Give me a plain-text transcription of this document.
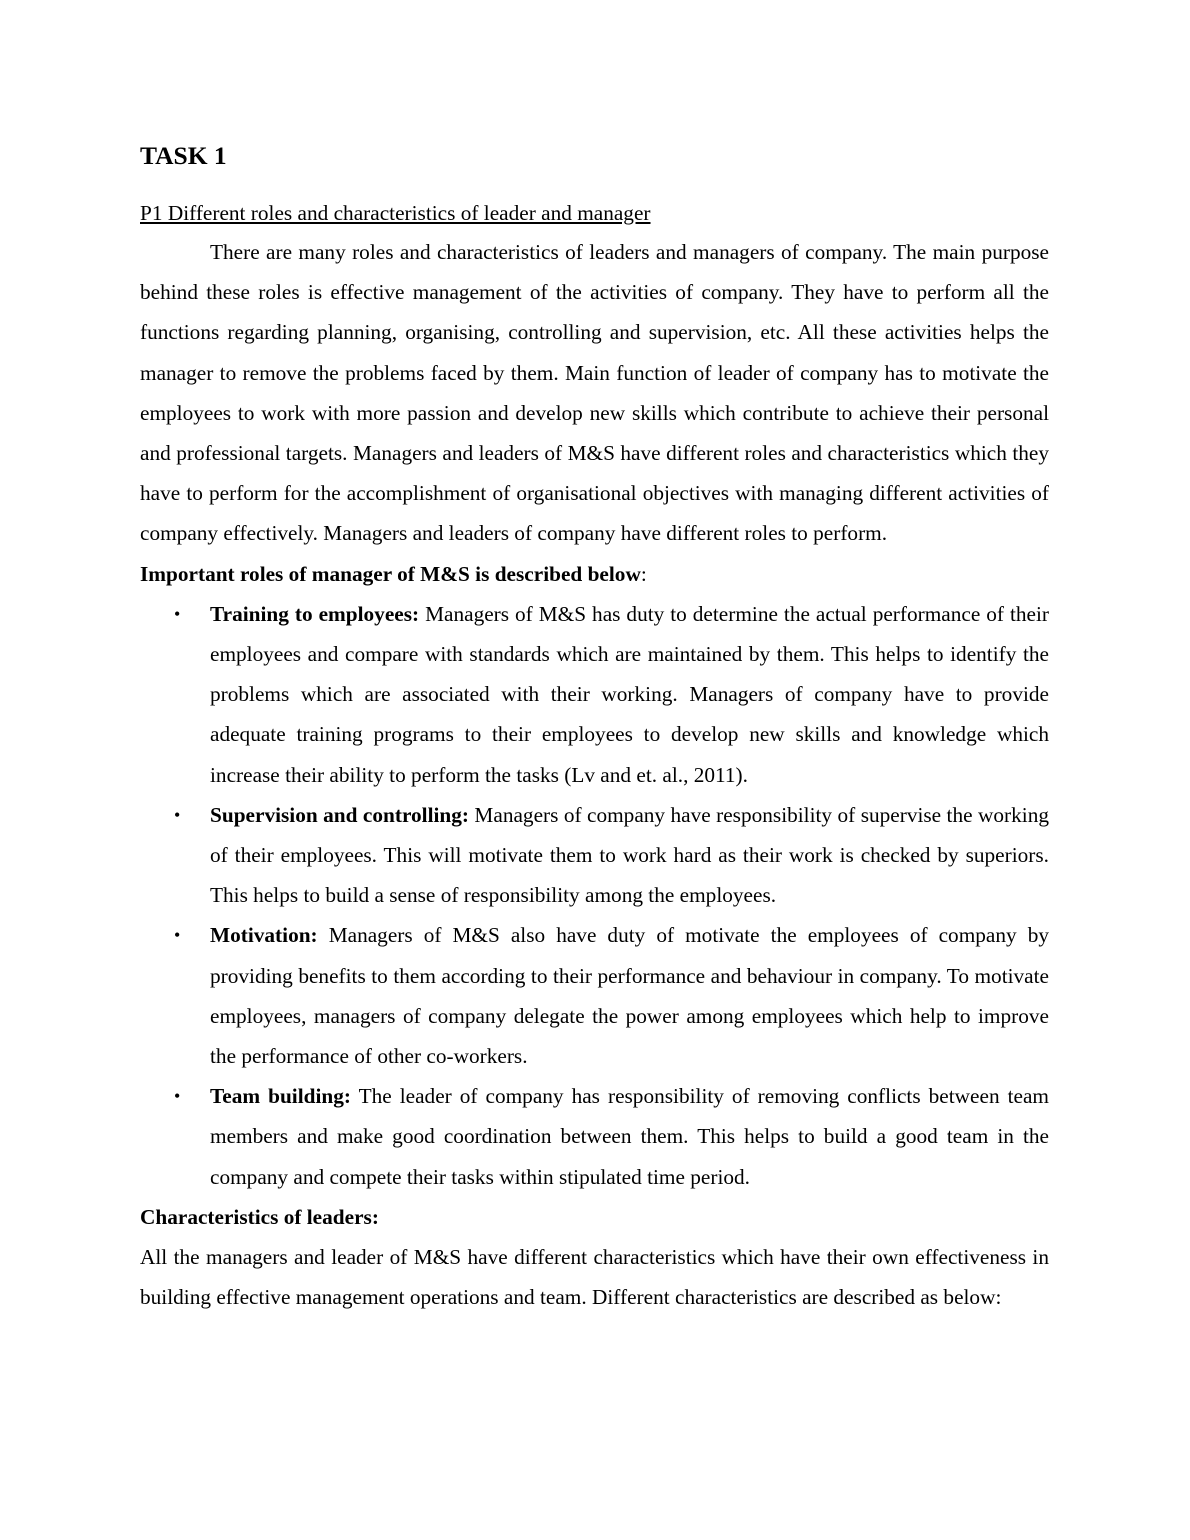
TASK 1
P1 Different roles and characteristics of leader and manager

There are many roles and characteristics of leaders and managers of company. The main purpose behind these roles is effective management of the activities of company. They have to perform all the functions regarding planning, organising, controlling and supervision, etc. All these activities helps the manager to remove the problems faced by them. Main function of leader of company has to motivate the employees to work with more passion and develop new skills which contribute to achieve their personal and professional targets. Managers and leaders of M&S have different roles and characteristics which they have to perform for the accomplishment of organisational objectives with managing different activities of company effectively. Managers and leaders of company have different roles to perform.

Important roles of manager of M&S is described below:

• Training to employees: Managers of M&S has duty to determine the actual performance of their employees and compare with standards which are maintained by them. This helps to identify the problems which are associated with their working. Managers of company have to provide adequate training programs to their employees to develop new skills and knowledge which increase their ability to perform the tasks (Lv and et. al., 2011).
• Supervision and controlling: Managers of company have responsibility of supervise the working of their employees. This will motivate them to work hard as their work is checked by superiors. This helps to build a sense of responsibility among the employees.
• Motivation: Managers of M&S also have duty of motivate the employees of company by providing benefits to them according to their performance and behaviour in company. To motivate employees, managers of company delegate the power among employees which help to improve the performance of other co-workers.
• Team building: The leader of company has responsibility of removing conflicts between team members and make good coordination between them. This helps to build a good team in the company and compete their tasks within stipulated time period.

Characteristics of leaders:

All the managers and leader of M&S have different characteristics which have their own effectiveness in building effective management operations and team. Different characteristics are described as below:
